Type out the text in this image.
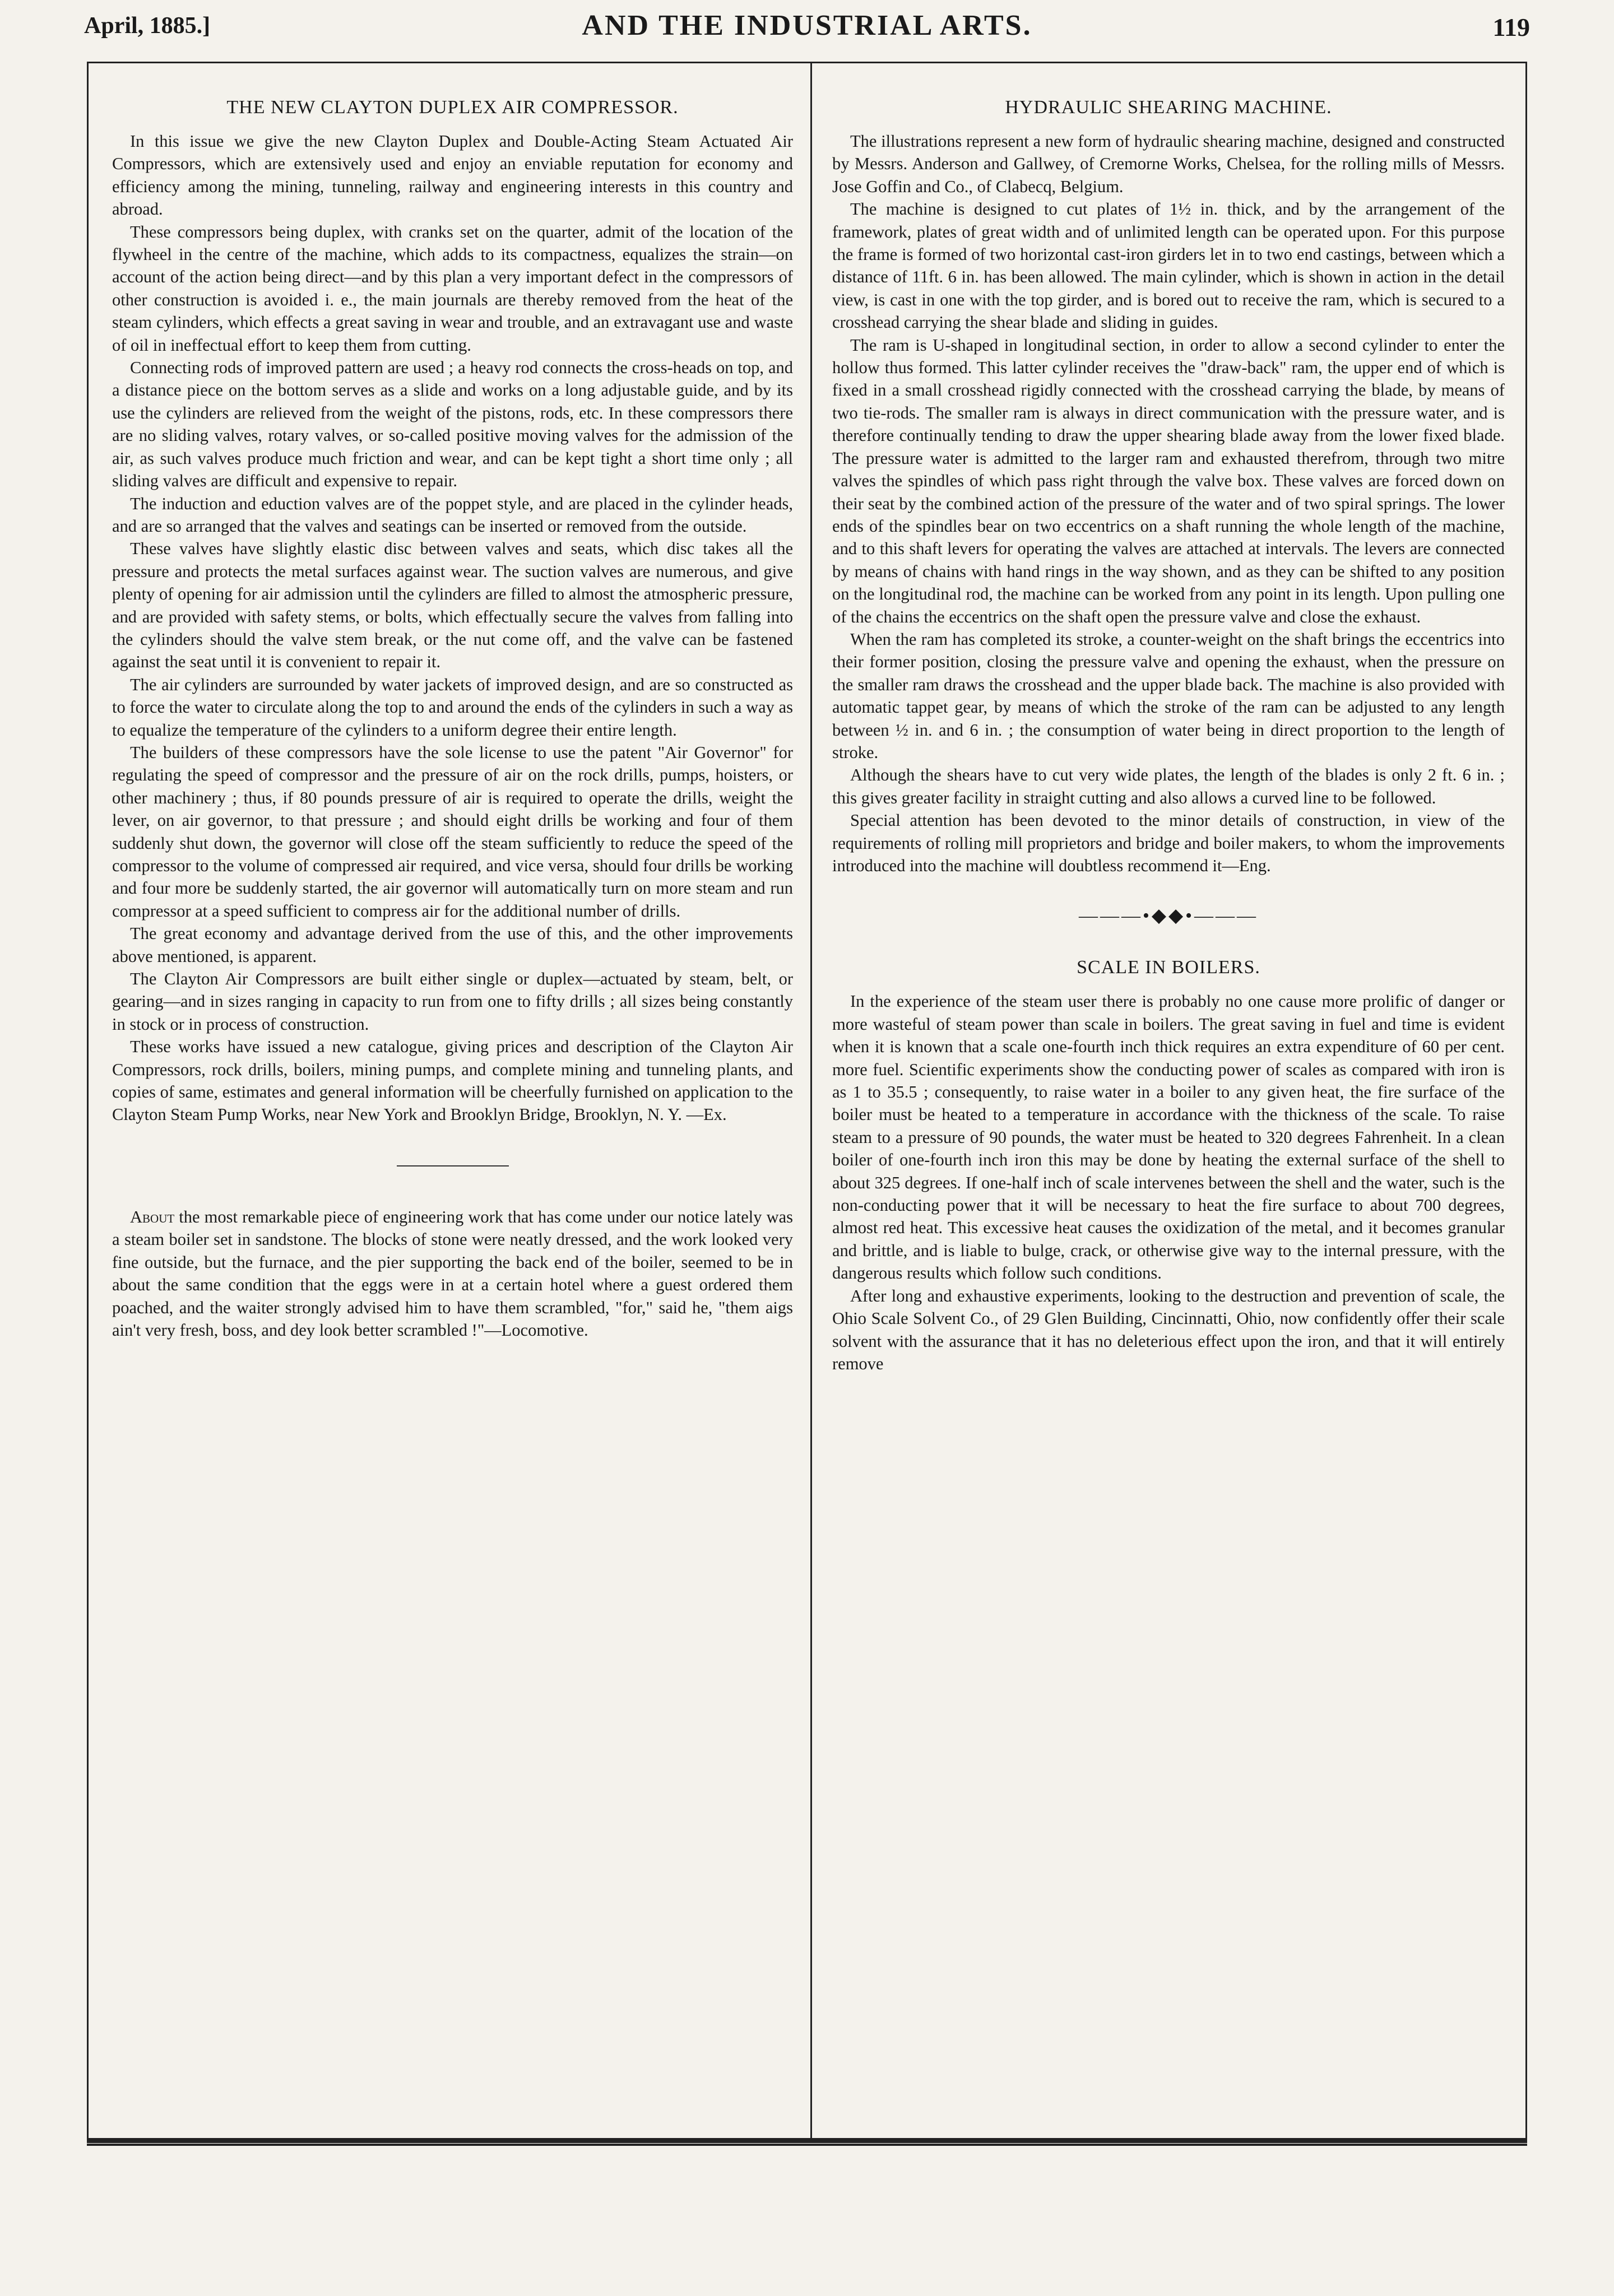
April, 1885.]	AND THE INDUSTRIAL ARTS.	119
THE NEW CLAYTON DUPLEX AIR COMPRESSOR.

In this issue we give the new Clayton Duplex and Double-Acting Steam Actuated Air Compressors, which are extensively used and enjoy an enviable reputation for economy and efficiency among the mining, tunneling, railway and engineering interests in this country and abroad.

These compressors being duplex, with cranks set on the quarter, admit of the location of the flywheel in the centre of the machine, which adds to its compactness, equalizes the strain—on account of the action being direct—and by this plan a very important defect in the compressors of other construction is avoided i. e., the main journals are thereby removed from the heat of the steam cylinders, which effects a great saving in wear and trouble, and an extravagant use and waste of oil in ineffectual effort to keep them from cutting.

Connecting rods of improved pattern are used ; a heavy rod connects the cross-heads on top, and a distance piece on the bottom serves as a slide and works on a long adjustable guide, and by its use the cylinders are relieved from the weight of the pistons, rods, etc. In these compressors there are no sliding valves, rotary valves, or so-called positive moving valves for the admission of the air, as such valves produce much friction and wear, and can be kept tight a short time only ; all sliding valves are difficult and expensive to repair.

The induction and eduction valves are of the poppet style, and are placed in the cylinder heads, and are so arranged that the valves and seatings can be inserted or removed from the outside.

These valves have slightly elastic disc between valves and seats, which disc takes all the pressure and protects the metal surfaces against wear. The suction valves are numerous, and give plenty of opening for air admission until the cylinders are filled to almost the atmospheric pressure, and are provided with safety stems, or bolts, which effectually secure the valves from falling into the cylinders should the valve stem break, or the nut come off, and the valve can be fastened against the seat until it is convenient to repair it.

The air cylinders are surrounded by water jackets of improved design, and are so constructed as to force the water to circulate along the top to and around the ends of the cylinders in such a way as to equalize the temperature of the cylinders to a uniform degree their entire length.

The builders of these compressors have the sole license to use the patent "Air Governor" for regulating the speed of compressor and the pressure of air on the rock drills, pumps, hoisters, or other machinery ; thus, if 80 pounds pressure of air is required to operate the drills, weight the lever, on air governor, to that pressure ; and should eight drills be working and four of them suddenly shut down, the governor will close off the steam sufficiently to reduce the speed of the compressor to the volume of compressed air required, and vice versa, should four drills be working and four more be suddenly started, the air governor will automatically turn on more steam and run compressor at a speed sufficient to compress air for the additional number of drills.

The great economy and advantage derived from the use of this, and the other improvements above mentioned, is apparent.

The Clayton Air Compressors are built either single or duplex—actuated by steam, belt, or gearing—and in sizes ranging in capacity to run from one to fifty drills ; all sizes being constantly in stock or in process of construction.

These works have issued a new catalogue, giving prices and description of the Clayton Air Compressors, rock drills, boilers, mining pumps, and complete mining and tunneling plants, and copies of same, estimates and general information will be cheerfully furnished on application to the Clayton Steam Pump Works, near New York and Brooklyn Bridge, Brooklyn, N. Y. —Ex.

About the most remarkable piece of engineering work that has come under our notice lately was a steam boiler set in sandstone. The blocks of stone were neatly dressed, and the work looked very fine outside, but the furnace, and the pier supporting the back end of the boiler, seemed to be in about the same condition that the eggs were in at a certain hotel where a guest ordered them poached, and the waiter strongly advised him to have them scrambled, "for," said he, "them aigs ain't very fresh, boss, and dey look better scrambled !"—Locomotive.

HYDRAULIC SHEARING MACHINE.

The illustrations represent a new form of hydraulic shearing machine, designed and constructed by Messrs. Anderson and Gallwey, of Cremorne Works, Chelsea, for the rolling mills of Messrs. Jose Goffin and Co., of Clabecq, Belgium.

The machine is designed to cut plates of 1½ in. thick, and by the arrangement of the framework, plates of great width and of unlimited length can be operated upon. For this purpose the frame is formed of two horizontal cast-iron girders let in to two end castings, between which a distance of 11ft. 6 in. has been allowed. The main cylinder, which is shown in action in the detail view, is cast in one with the top girder, and is bored out to receive the ram, which is secured to a crosshead carrying the shear blade and sliding in guides.

The ram is U-shaped in longitudinal section, in order to allow a second cylinder to enter the hollow thus formed. This latter cylinder receives the "draw-back" ram, the upper end of which is fixed in a small crosshead rigidly connected with the crosshead carrying the blade, by means of two tie-rods. The smaller ram is always in direct communication with the pressure water, and is therefore continually tending to draw the upper shearing blade away from the lower fixed blade. The pressure water is admitted to the larger ram and exhausted therefrom, through two mitre valves the spindles of which pass right through the valve box. These valves are forced down on their seat by the combined action of the pressure of the water and of two spiral springs. The lower ends of the spindles bear on two eccentrics on a shaft running the whole length of the machine, and to this shaft levers for operating the valves are attached at intervals. The levers are connected by means of chains with hand rings in the way shown, and as they can be shifted to any position on the longitudinal rod, the machine can be worked from any point in its length. Upon pulling one of the chains the eccentrics on the shaft open the pressure valve and close the exhaust.

When the ram has completed its stroke, a counter-weight on the shaft brings the eccentrics into their former position, closing the pressure valve and opening the exhaust, when the pressure on the smaller ram draws the crosshead and the upper blade back. The machine is also provided with automatic tappet gear, by means of which the stroke of the ram can be adjusted to any length between ½ in. and 6 in. ; the consumption of water being in direct proportion to the length of stroke.

Although the shears have to cut very wide plates, the length of the blades is only 2 ft. 6 in. ; this gives greater facility in straight cutting and also allows a curved line to be followed.

Special attention has been devoted to the minor details of construction, in view of the requirements of rolling mill proprietors and bridge and boiler makers, to whom the improvements introduced into the machine will doubtless recommend it—Eng.

———•◆◆•———
SCALE IN BOILERS.

In the experience of the steam user there is probably no one cause more prolific of danger or more wasteful of steam power than scale in boilers. The great saving in fuel and time is evident when it is known that a scale one-fourth inch thick requires an extra expenditure of 60 per cent. more fuel. Scientific experiments show the conducting power of scales as compared with iron is as 1 to 35.5 ; consequently, to raise water in a boiler to any given heat, the fire surface of the boiler must be heated to a temperature in accordance with the thickness of the scale. To raise steam to a pressure of 90 pounds, the water must be heated to 320 degrees Fahrenheit. In a clean boiler of one-fourth inch iron this may be done by heating the external surface of the shell to about 325 degrees. If one-half inch of scale intervenes between the shell and the water, such is the non-conducting power that it will be necessary to heat the fire surface to about 700 degrees, almost red heat. This excessive heat causes the oxidization of the metal, and it becomes granular and brittle, and is liable to bulge, crack, or otherwise give way to the internal pressure, with the dangerous results which follow such conditions.

After long and exhaustive experiments, looking to the destruction and prevention of scale, the Ohio Scale Solvent Co., of 29 Glen Building, Cincinnatti, Ohio, now confidently offer their scale solvent with the assurance that it has no deleterious effect upon the iron, and that it will entirely remove
